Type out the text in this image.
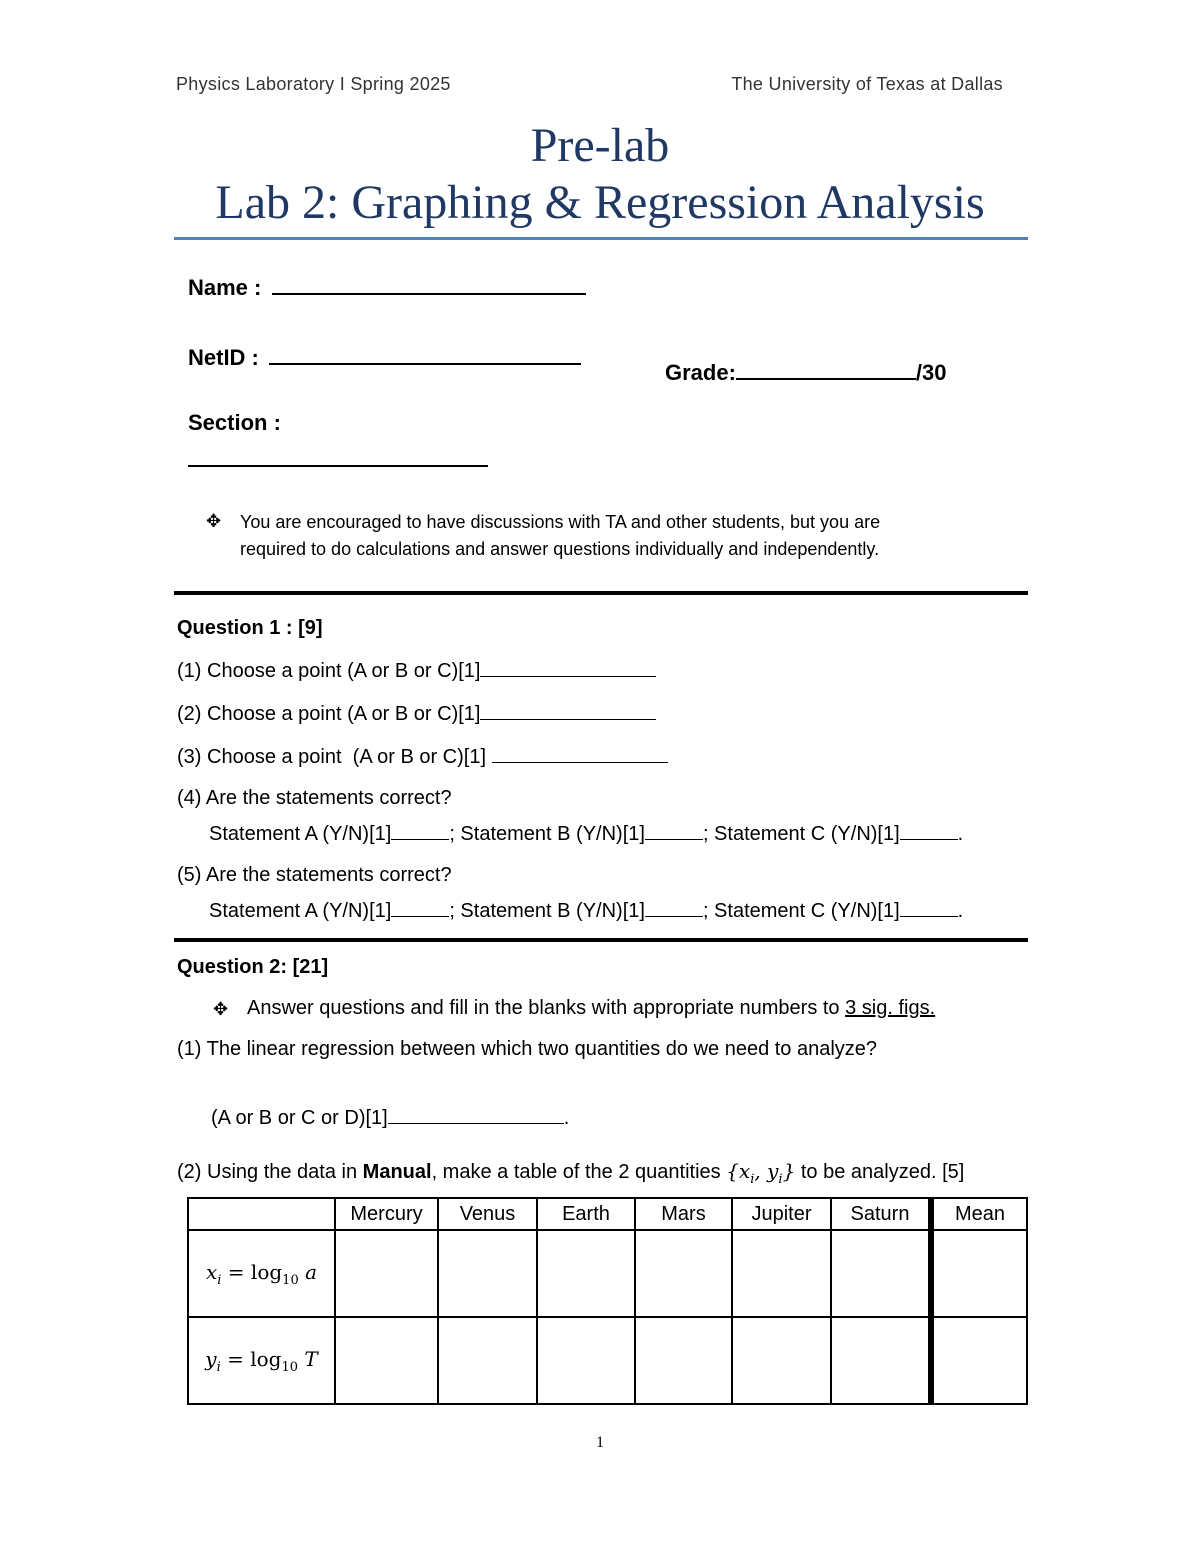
Physics Laboratory I Spring 2025	The University of Texas at Dallas
Pre-lab
Lab 2: Graphing & Regression Analysis
Name :
NetID :
Grade:	/30
Section :
✥ You are encouraged to have discussions with TA and other students, but you are
required to do calculations and answer questions individually and independently.
Question 1 : [9]
(1) Choose a point (A or B or C)[1]
(2) Choose a point (A or B or C)[1]
(3) Choose a point  (A or B or C)[1]
(4) Are the statements correct?
Statement A (Y/N)[1]	; Statement B (Y/N)[1]	; Statement C (Y/N)[1]	.
(5) Are the statements correct?
Statement A (Y/N)[1]	; Statement B (Y/N)[1]	; Statement C (Y/N)[1]	.
Question 2: [21]
✥ Answer questions and fill in the blanks with appropriate numbers to 3 sig. figs.
(1) The linear regression between which two quantities do we need to analyze?
(A or B or C or D)[1]	.
(2) Using the data in Manual, make a table of the 2 quantities {$x_i$, $y_i$} to be analyzed. [5]
	Mercury	Venus	Earth	Mars	Jupiter	Saturn	Mean
$x_i = \log_{10} a$							
$y_i = \log_{10} T$							
1
